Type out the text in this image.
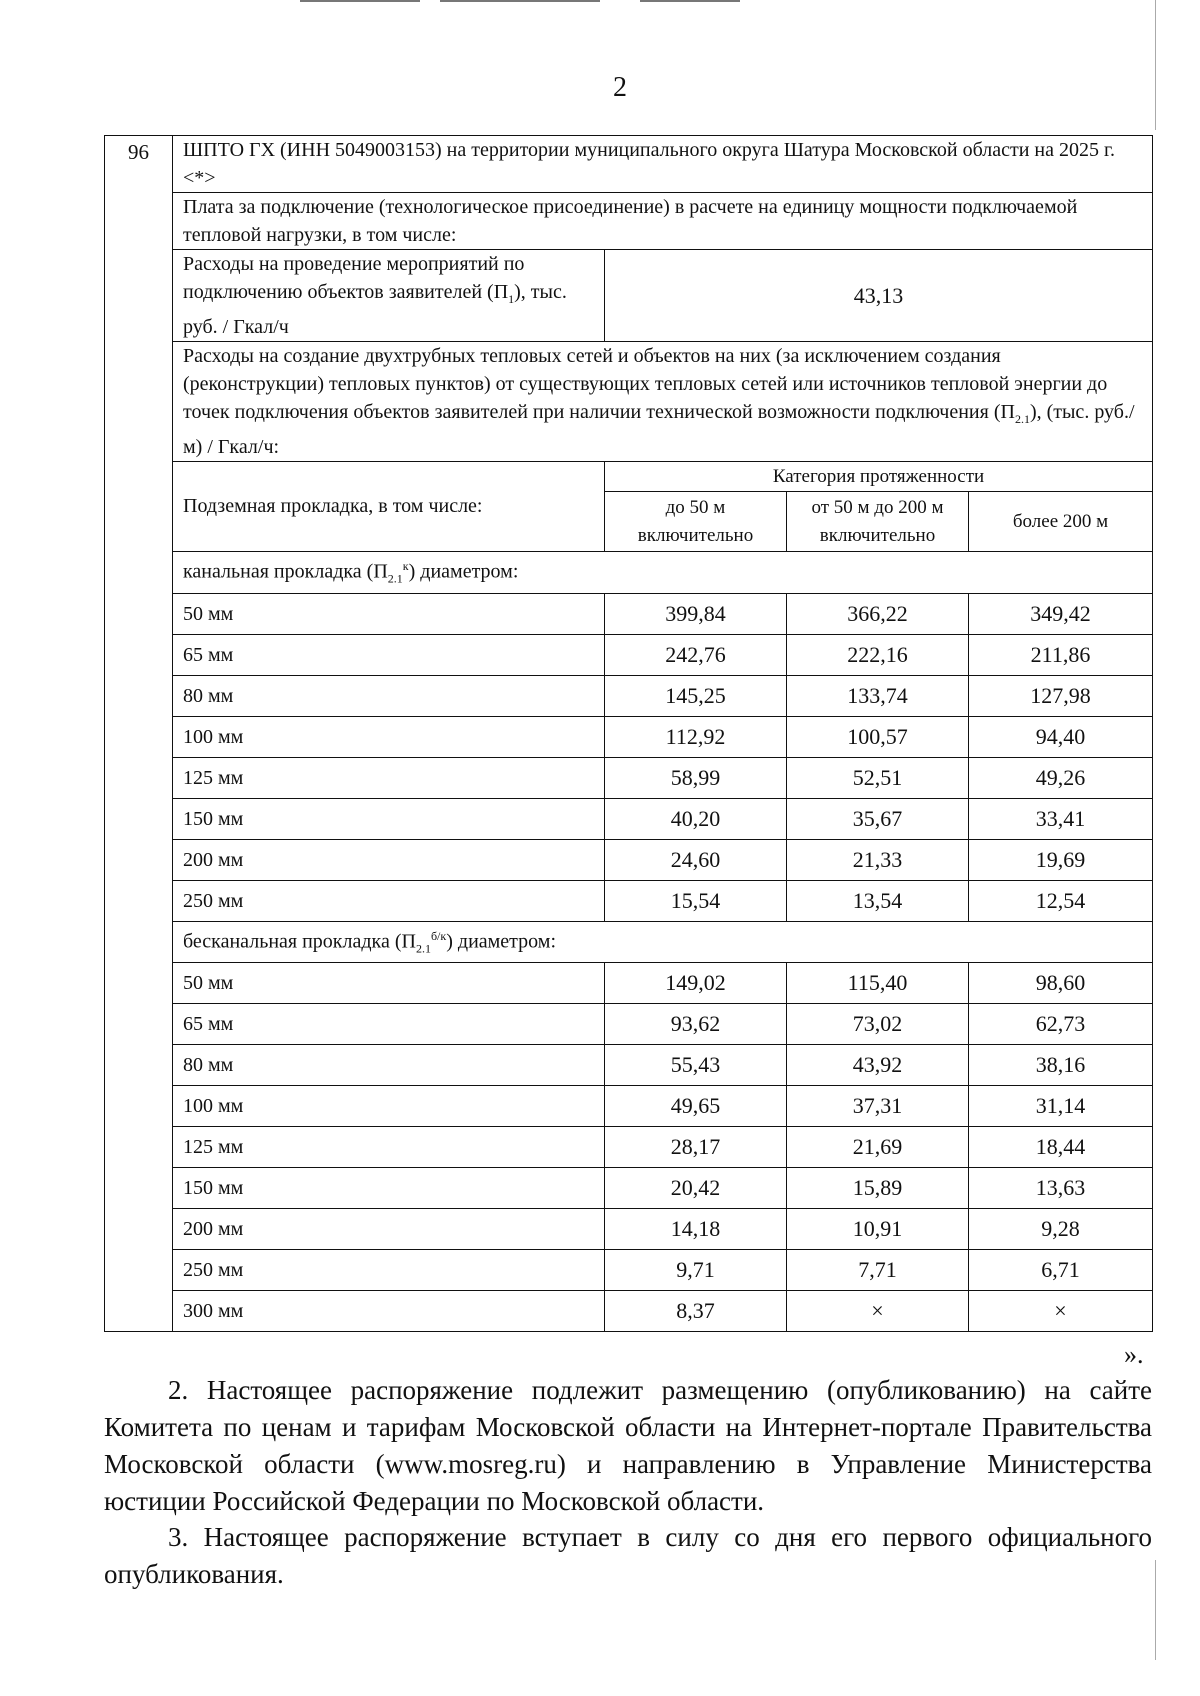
2
96	ШПТО ГХ (ИНН 5049003153) на территории муниципального округа Шатура Московской области на 2025 г. <*>			
	Плата за подключение (технологическое присоединение) в расчете на единицу мощности подключаемой тепловой нагрузки, в том числе:			
	Расходы на проведение мероприятий по подключению объектов заявителей $(П_1)$, тыс. руб. / Гкал/ч	43,13		
	Расходы на создание двухтрубных тепловых сетей и объектов на них (за исключением создания (реконструкции) тепловых пунктов) от существующих тепловых сетей или источников тепловой энергии до точек подключения объектов заявителей при наличии технической возможности подключения $(П_{2.1})$, (тыс. руб./м) / Гкал/ч:			
	Подземная прокладка, в том числе:	Категория протяженности		
		до 50 м включительно	от 50 м до 200 м включительно	более 200 м
	канальная прокладка $(П_{2.1}^к)$ диаметром:			
	50 мм	399,84	366,22	349,42
	65 мм	242,76	222,16	211,86
	80 мм	145,25	133,74	127,98
	100 мм	112,92	100,57	94,40
	125 мм	58,99	52,51	49,26
	150 мм	40,20	35,67	33,41
	200 мм	24,60	21,33	19,69
	250 мм	15,54	13,54	12,54
	бесканальная прокладка $(П_{2.1}^{б/к})$ диаметром:			
	50 мм	149,02	115,40	98,60
	65 мм	93,62	73,02	62,73
	80 мм	55,43	43,92	38,16
	100 мм	49,65	37,31	31,14
	125 мм	28,17	21,69	18,44
	150 мм	20,42	15,89	13,63
	200 мм	14,18	10,91	9,28
	250 мм	9,71	7,71	6,71
	300 мм	8,37	×	×
».
2. Настоящее распоряжение подлежит размещению (опубликованию) на сайте Комитета по ценам и тарифам Московской области на Интернет-портале Правительства Московской области (www.mosreg.ru) и направлению в Управление Министерства юстиции Российской Федерации по Московской области.
3. Настоящее распоряжение вступает в силу со дня его первого официального опубликования.
